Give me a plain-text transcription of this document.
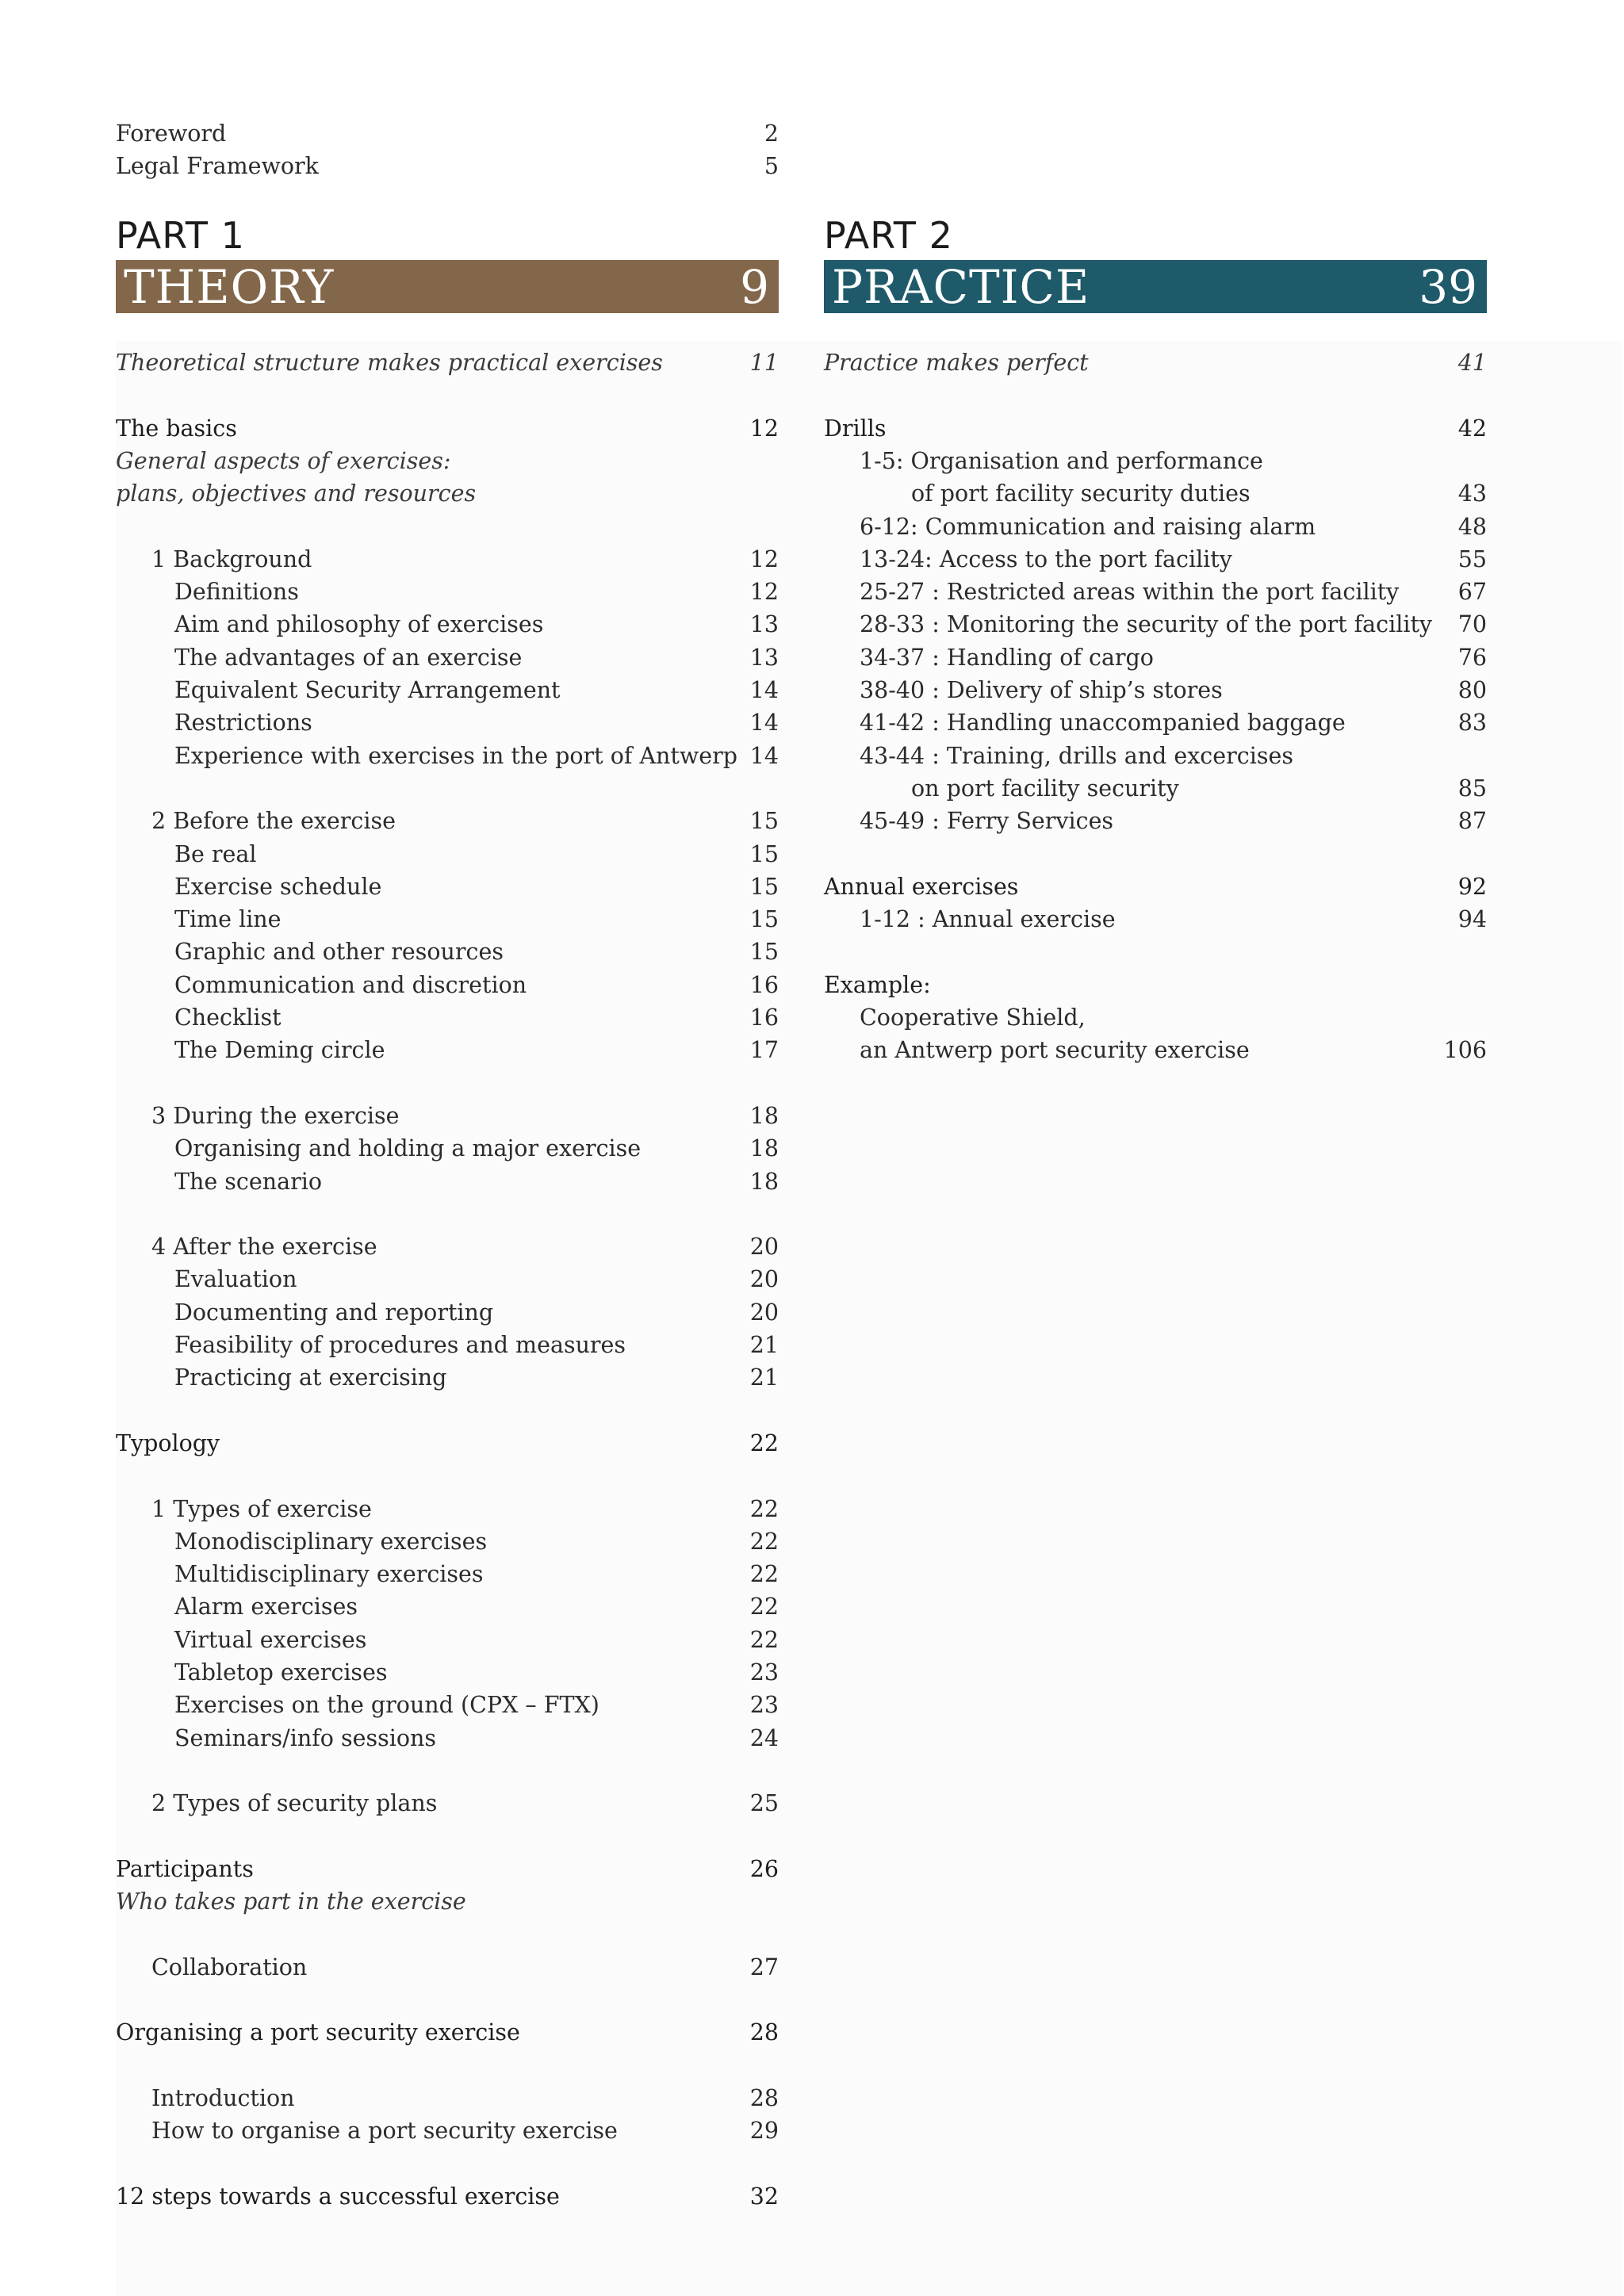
Foreword	2
Legal Framework	5
PART 1
THEORY	9
Theoretical structure makes practical exercises	11
The basics	12
General aspects of exercises:
plans, objectives and resources
1 Background	12
Definitions	12
Aim and philosophy of exercises	13
The advantages of an exercise	13
Equivalent Security Arrangement	14
Restrictions	14
Experience with exercises in the port of Antwerp 14
2 Before the exercise	15
Be real	15
Exercise schedule	15
Time line	15
Graphic and other resources	15
Communication and discretion	16
Checklist	16
The Deming circle	17
3 During the exercise	18
Organising and holding a major exercise	18
The scenario	18
4 After the exercise	20
Evaluation	20
Documenting and reporting	20
Feasibility of procedures and measures	21
Practicing at exercising	21
Typology	22
1 Types of exercise	22
Monodisciplinary exercises	22
Multidisciplinary exercises	22
Alarm exercises	22
Virtual exercises	22
Tabletop exercises	23
Exercises on the ground (CPX – FTX)	23
Seminars/info sessions	24
2 Types of security plans	25
Participants	26
Who takes part in the exercise
Collaboration	27
Organising a port security exercise	28
Introduction	28
How to organise a port security exercise	29
12 steps towards a successful exercise	32
PART 2
PRACTICE	39
Practice makes perfect	41
Drills	42
1-5: Organisation and performance
of port facility security duties	43
6-12: Communication and raising alarm	48
13-24: Access to the port facility	55
25-27 : Restricted areas within the port facility	67
28-33 : Monitoring the security of the port facility 70
34-37 : Handling of cargo	76
38-40 : Delivery of ship’s stores	80
41-42 : Handling unaccompanied baggage	83
43-44 : Training, drills and excercises
on port facility security	85
45-49 : Ferry Services	87
Annual exercises	92
1-12 : Annual exercise	94
Example:
Cooperative Shield,
an Antwerp port security exercise	106
